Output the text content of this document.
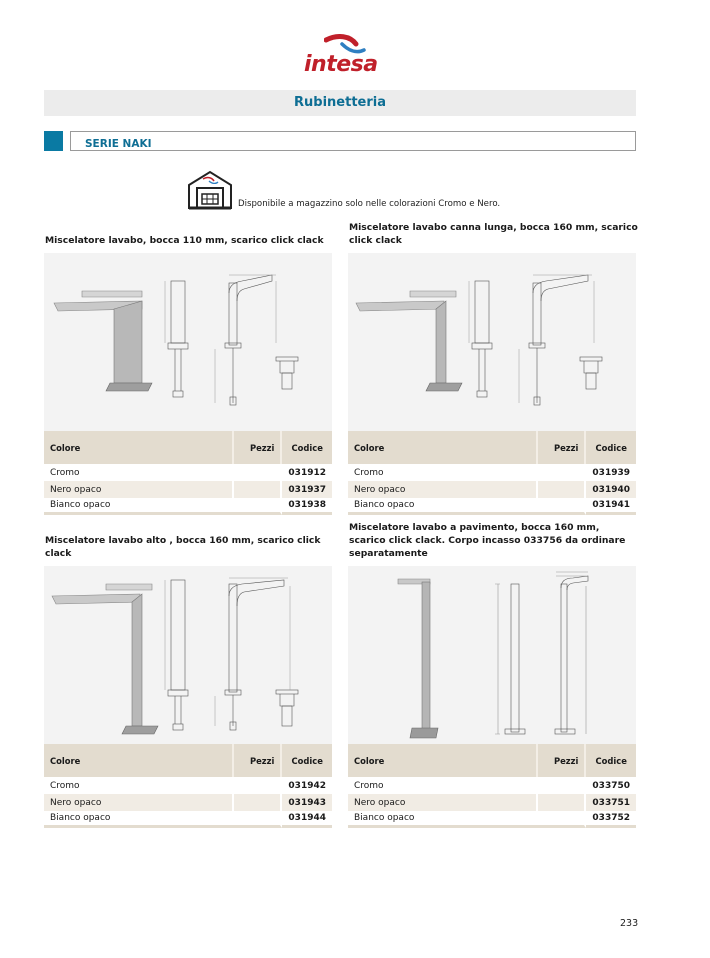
intesa
Rubinetteria
SERIE NAKI
Disponibile a magazzino solo nelle colorazioni Cromo e Nero.
Miscelatore lavabo, bocca 110 mm, scarico click clack
Colore	Pezzi	Codice
Cromo		031912
Nero opaco		031937
Bianco opaco		031938
Miscelatore lavabo canna lunga, bocca 160 mm, scarico click clack
Colore	Pezzi	Codice
Cromo		031939
Nero opaco		031940
Bianco opaco		031941
Miscelatore lavabo alto , bocca 160 mm, scarico click clack
Colore	Pezzi	Codice
Cromo		031942
Nero opaco		031943
Bianco opaco		031944
Miscelatore lavabo a pavimento, bocca 160 mm, scarico click clack. Corpo incasso 033756 da ordinare separatamente
Colore	Pezzi	Codice
Cromo		033750
Nero opaco		033751
Bianco opaco		033752
233
